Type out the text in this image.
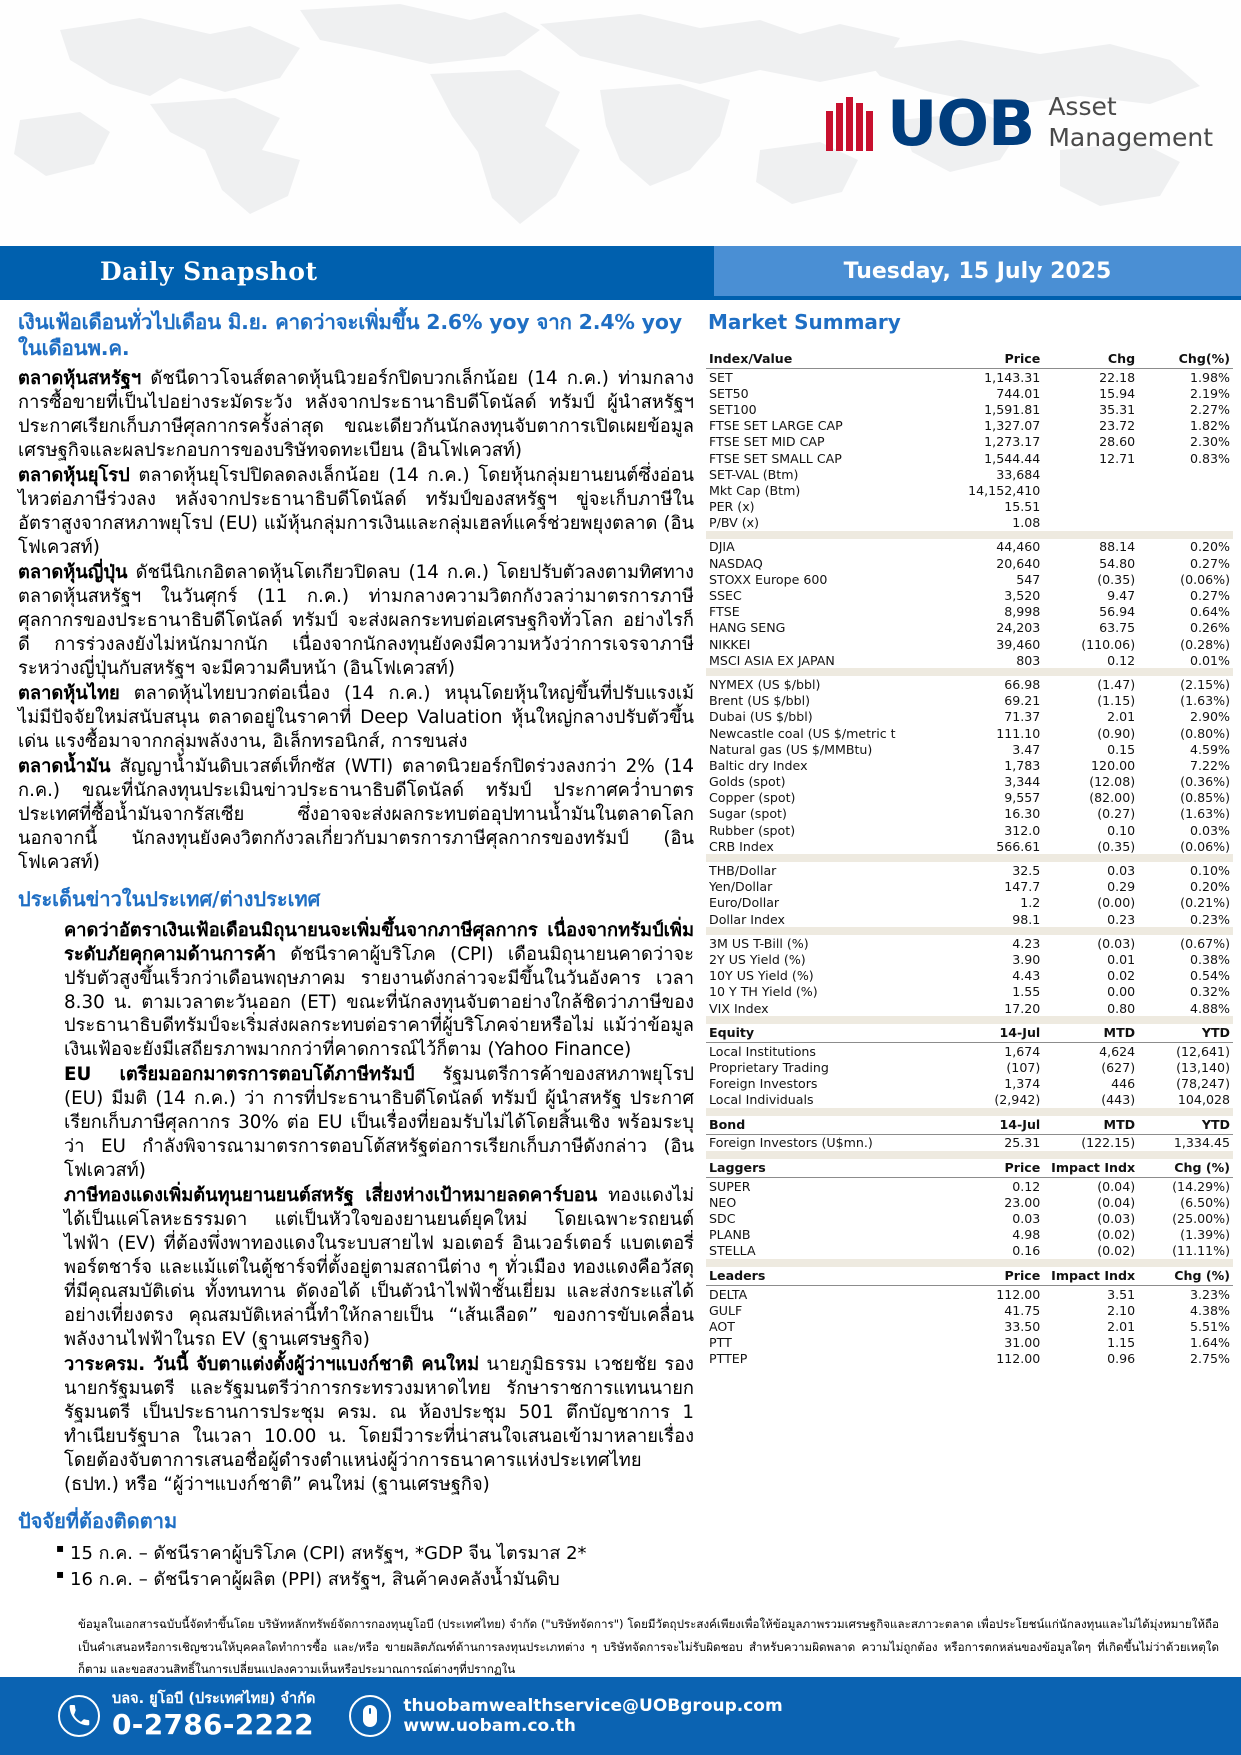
UOB Asset
Management
Daily Snapshot	Tuesday, 15 July 2025
เงินเฟ้อเดือนทั่วไปเดือน มิ.ย. คาดว่าจะเพิ่มขึ้น 2.6% yoy จาก 2.4% yoy ในเดือนพ.ค.

ตลาดหุ้นสหรัฐฯ ดัชนีดาวโจนส์ตลาดหุ้นนิวยอร์กปิดบวกเล็กน้อย (14 ก.ค.) ท่ามกลางการซื้อขายที่เป็นไปอย่างระมัดระวัง หลังจากประธานาธิบดีโดนัลด์ ทรัมป์ ผู้นำสหรัฐฯ ประกาศเรียกเก็บภาษีศุลกากรครั้งล่าสุด ขณะเดียวกันนักลงทุนจับตาการเปิดเผยข้อมูลเศรษฐกิจและผลประกอบการของบริษัทจดทะเบียน (อินโฟเควสท์)

ตลาดหุ้นยุโรป ตลาดหุ้นยุโรปปิดลดลงเล็กน้อย (14 ก.ค.) โดยหุ้นกลุ่มยานยนต์ซึ่งอ่อนไหวต่อภาษีร่วงลง หลังจากประธานาธิบดีโดนัลด์ ทรัมป์ของสหรัฐฯ ขู่จะเก็บภาษีในอัตราสูงจากสหภาพยุโรป (EU) แม้หุ้นกลุ่มการเงินและกลุ่มเฮลท์แคร์ช่วยพยุงตลาด (อินโฟเควสท์)

ตลาดหุ้นญี่ปุ่น ดัชนีนิกเกอิตลาดหุ้นโตเกียวปิดลบ (14 ก.ค.) โดยปรับตัวลงตามทิศทางตลาดหุ้นสหรัฐฯ ในวันศุกร์ (11 ก.ค.) ท่ามกลางความวิตกกังวลว่ามาตรการภาษีศุลกากรของประธานาธิบดีโดนัลด์ ทรัมป์ จะส่งผลกระทบต่อเศรษฐกิจทั่วโลก อย่างไรก็ดี การร่วงลงยังไม่หนักมากนัก เนื่องจากนักลงทุนยังคงมีความหวังว่าการเจรจาภาษีระหว่างญี่ปุ่นกับสหรัฐฯ จะมีความคืบหน้า (อินโฟเควสท์)

ตลาดหุ้นไทย ตลาดหุ้นไทยบวกต่อเนื่อง (14 ก.ค.) หนุนโดยหุ้นใหญ่ขึ้นที่ปรับแรงเม้ไม่มีปัจจัยใหม่สนับสนุน ตลาดอยู่ในราคาที่ Deep Valuation หุ้นใหญ่กลางปรับตัวขึ้นเด่น แรงซื้อมาจากกลุ่มพลังงาน, อิเล็กทรอนิกส์, การขนส่ง

ตลาดน้ำมัน สัญญาน้ำมันดิบเวสต์เท็กซัส (WTI) ตลาดนิวยอร์กปิดร่วงลงกว่า 2% (14 ก.ค.) ขณะที่นักลงทุนประเมินข่าวประธานาธิบดีโดนัลด์ ทรัมป์ ประกาศคว่ำบาตรประเทศที่ซื้อน้ำมันจากรัสเซีย ซึ่งอาจจะส่งผลกระทบต่ออุปทานน้ำมันในตลาดโลก นอกจากนี้ นักลงทุนยังคงวิตกกังวลเกี่ยวกับมาตรการภาษีศุลกากรของทรัมป์ (อินโฟเควสท์)

ประเด็นข่าวในประเทศ/ต่างประเทศ

คาดว่าอัตราเงินเฟ้อเดือนมิถุนายนจะเพิ่มขึ้นจากภาษีศุลกากร เนื่องจากทรัมป์เพิ่มระดับภัยคุกคามด้านการค้า ดัชนีราคาผู้บริโภค (CPI) เดือนมิถุนายนคาดว่าจะปรับตัวสูงขึ้นเร็วกว่าเดือนพฤษภาคม รายงานดังกล่าวจะมีขึ้นในวันอังคาร เวลา 8.30 น. ตามเวลาตะวันออก (ET) ขณะที่นักลงทุนจับตาอย่างใกล้ชิดว่าภาษีของประธานาธิบดีทรัมป์จะเริ่มส่งผลกระทบต่อราคาที่ผู้บริโภคจ่ายหรือไม่ แม้ว่าข้อมูลเงินเฟ้อจะยังมีเสถียรภาพมากกว่าที่คาดการณ์ไว้ก็ตาม (Yahoo Finance)

EU เตรียมออกมาตรการตอบโต้ภาษีทรัมป์ รัฐมนตรีการค้าของสหภาพยุโรป (EU) มีมติ (14 ก.ค.) ว่า การที่ประธานาธิบดีโดนัลด์ ทรัมป์ ผู้นำสหรัฐ ประกาศเรียกเก็บภาษีศุลกากร 30% ต่อ EU เป็นเรื่องที่ยอมรับไม่ได้โดยสิ้นเชิง พร้อมระบุว่า EU กำลังพิจารณามาตรการตอบโต้สหรัฐต่อการเรียกเก็บภาษีดังกล่าว (อินโฟเควสท์)

ภาษีทองแดงเพิ่มต้นทุนยานยนต์สหรัฐ เสี่ยงห่างเป้าหมายลดคาร์บอน ทองแดงไม่ได้เป็นแค่โลหะธรรมดา แต่เป็นหัวใจของยานยนต์ยุคใหม่ โดยเฉพาะรถยนต์ไฟฟ้า (EV) ที่ต้องพึ่งพาทองแดงในระบบสายไฟ มอเตอร์ อินเวอร์เตอร์ แบตเตอรี่ พอร์ตชาร์จ และแม้แต่ในตู้ชาร์จที่ตั้งอยู่ตามสถานีต่าง ๆ ทั่วเมือง ทองแดงคือวัสดุที่มีคุณสมบัติเด่น ทั้งทนทาน ดัดงอได้ เป็นตัวนำไฟฟ้าชั้นเยี่ยม และส่งกระแสได้อย่างเที่ยงตรง คุณสมบัติเหล่านี้ทำให้กลายเป็น “เส้นเลือด” ของการขับเคลื่อนพลังงานไฟฟ้าในรถ EV (ฐานเศรษฐกิจ)

วาระครม. วันนี้ จับตาแต่งตั้งผู้ว่าฯแบงก์ชาติ คนใหม่ นายภูมิธรรม เวชยชัย รองนายกรัฐมนตรี และรัฐมนตรีว่าการกระทรวงมหาดไทย รักษาราชการแทนนายกรัฐมนตรี เป็นประธานการประชุม ครม. ณ ห้องประชุม 501 ตึกบัญชาการ 1 ทำเนียบรัฐบาล ในเวลา 10.00 น. โดยมีวาระที่น่าสนใจเสนอเข้ามาหลายเรื่อง โดยต้องจับตาการเสนอชื่อผู้ดำรงตำแหน่งผู้ว่าการธนาคารแห่งประเทศไทย (ธปท.) หรือ “ผู้ว่าฯแบงก์ชาติ” คนใหม่ (ฐานเศรษฐกิจ)

ปัจจัยที่ต้องติดตาม
▪ 15 ก.ค. – ดัชนีราคาผู้บริโภค (CPI) สหรัฐฯ, *GDP จีน ไตรมาส 2*
▪ 16 ก.ค. – ดัชนีราคาผู้ผลิต (PPI) สหรัฐฯ, สินค้าคงคลังน้ำมันดิบ
Market Summary
Index/Value	Price	Chg	Chg(%)
SET	1,143.31	22.18	1.98%
SET50	744.01	15.94	2.19%
SET100	1,591.81	35.31	2.27%
FTSE SET LARGE CAP	1,327.07	23.72	1.82%
FTSE SET MID CAP	1,273.17	28.60	2.30%
FTSE SET SMALL CAP	1,544.44	12.71	0.83%
SET-VAL (Btm)	33,684		
Mkt Cap (Btm)	14,152,410		
PER (x)	15.51		
P/BV (x)	1.08		

DJIA	44,460	88.14	0.20%
NASDAQ	20,640	54.80	0.27%
STOXX Europe 600	547	(0.35)	(0.06%)
SSEC	3,520	9.47	0.27%
FTSE	8,998	56.94	0.64%
HANG SENG	24,203	63.75	0.26%
NIKKEI	39,460	(110.06)	(0.28%)
MSCI ASIA EX JAPAN	803	0.12	0.01%

NYMEX (US $/bbl)	66.98	(1.47)	(2.15%)
Brent (US $/bbl)	69.21	(1.15)	(1.63%)
Dubai (US $/bbl)	71.37	2.01	2.90%
Newcastle coal (US $/metric t	111.10	(0.90)	(0.80%)
Natural gas (US $/MMBtu)	3.47	0.15	4.59%
Baltic dry Index	1,783	120.00	7.22%
Golds (spot)	3,344	(12.08)	(0.36%)
Copper (spot)	9,557	(82.00)	(0.85%)
Sugar (spot)	16.30	(0.27)	(1.63%)
Rubber (spot)	312.0	0.10	0.03%
CRB Index	566.61	(0.35)	(0.06%)

THB/Dollar	32.5	0.03	0.10%
Yen/Dollar	147.7	0.29	0.20%
Euro/Dollar	1.2	(0.00)	(0.21%)
Dollar Index	98.1	0.23	0.23%

3M US T-Bill (%)	4.23	(0.03)	(0.67%)
2Y US Yield (%)	3.90	0.01	0.38%
10Y US Yield (%)	4.43	0.02	0.54%
10 Y TH Yield (%)	1.55	0.00	0.32%
VIX Index	17.20	0.80	4.88%

Equity	14-Jul	MTD	YTD
Local Institutions	1,674	4,624	(12,641)
Proprietary Trading	(107)	(627)	(13,140)
Foreign Investors	1,374	446	(78,247)
Local Individuals	(2,942)	(443)	104,028

Bond	14-Jul	MTD	YTD
Foreign Investors (U$mn.)	25.31	(122.15)	1,334.45

Laggers	Price	Impact Indx	Chg (%)
SUPER	0.12	(0.04)	(14.29%)
NEO	23.00	(0.04)	(6.50%)
SDC	0.03	(0.03)	(25.00%)
PLANB	4.98	(0.02)	(1.39%)
STELLA	0.16	(0.02)	(11.11%)

Leaders	Price	Impact Indx	Chg (%)
DELTA	112.00	3.51	3.23%
GULF	41.75	2.10	4.38%
AOT	33.50	2.01	5.51%
PTT	31.00	1.15	1.64%
PTTEP	112.00	0.96	2.75%
ข้อมูลในเอกสารฉบับนี้จัดทำขึ้นโดย บริษัทหลักทรัพย์จัดการกองทุนยูโอบี (ประเทศไทย) จำกัด ("บริษัทจัดการ") โดยมีวัตถุประสงค์เพียงเพื่อให้ข้อมูลภาพรวมเศรษฐกิจและสภาวะตลาด เพื่อประโยชน์แก่นักลงทุนและไม่ได้มุ่งหมายให้ถือเป็นคำเสนอหรือการเชิญชวนให้บุคคลใดทำการซื้อ และ/หรือ ขายผลิตภัณฑ์ด้านการลงทุนประเภทต่าง ๆ บริษัทจัดการจะไม่รับผิดชอบ สำหรับความผิดพลาด ความไม่ถูกต้อง หรือการตกหล่นของข้อมูลใดๆ ที่เกิดขึ้นไม่ว่าด้วยเหตุใดก็ตาม และขอสงวนสิทธิ์ในการเปลี่ยนแปลงความเห็นหรือประมาณการณ์ต่างๆที่ปรากฏใน
บลจ. ยูโอบี (ประเทศไทย) จำกัด
0-2786-2222
thuobamwealthservice@UOBgroup.com
www.uobam.co.th
